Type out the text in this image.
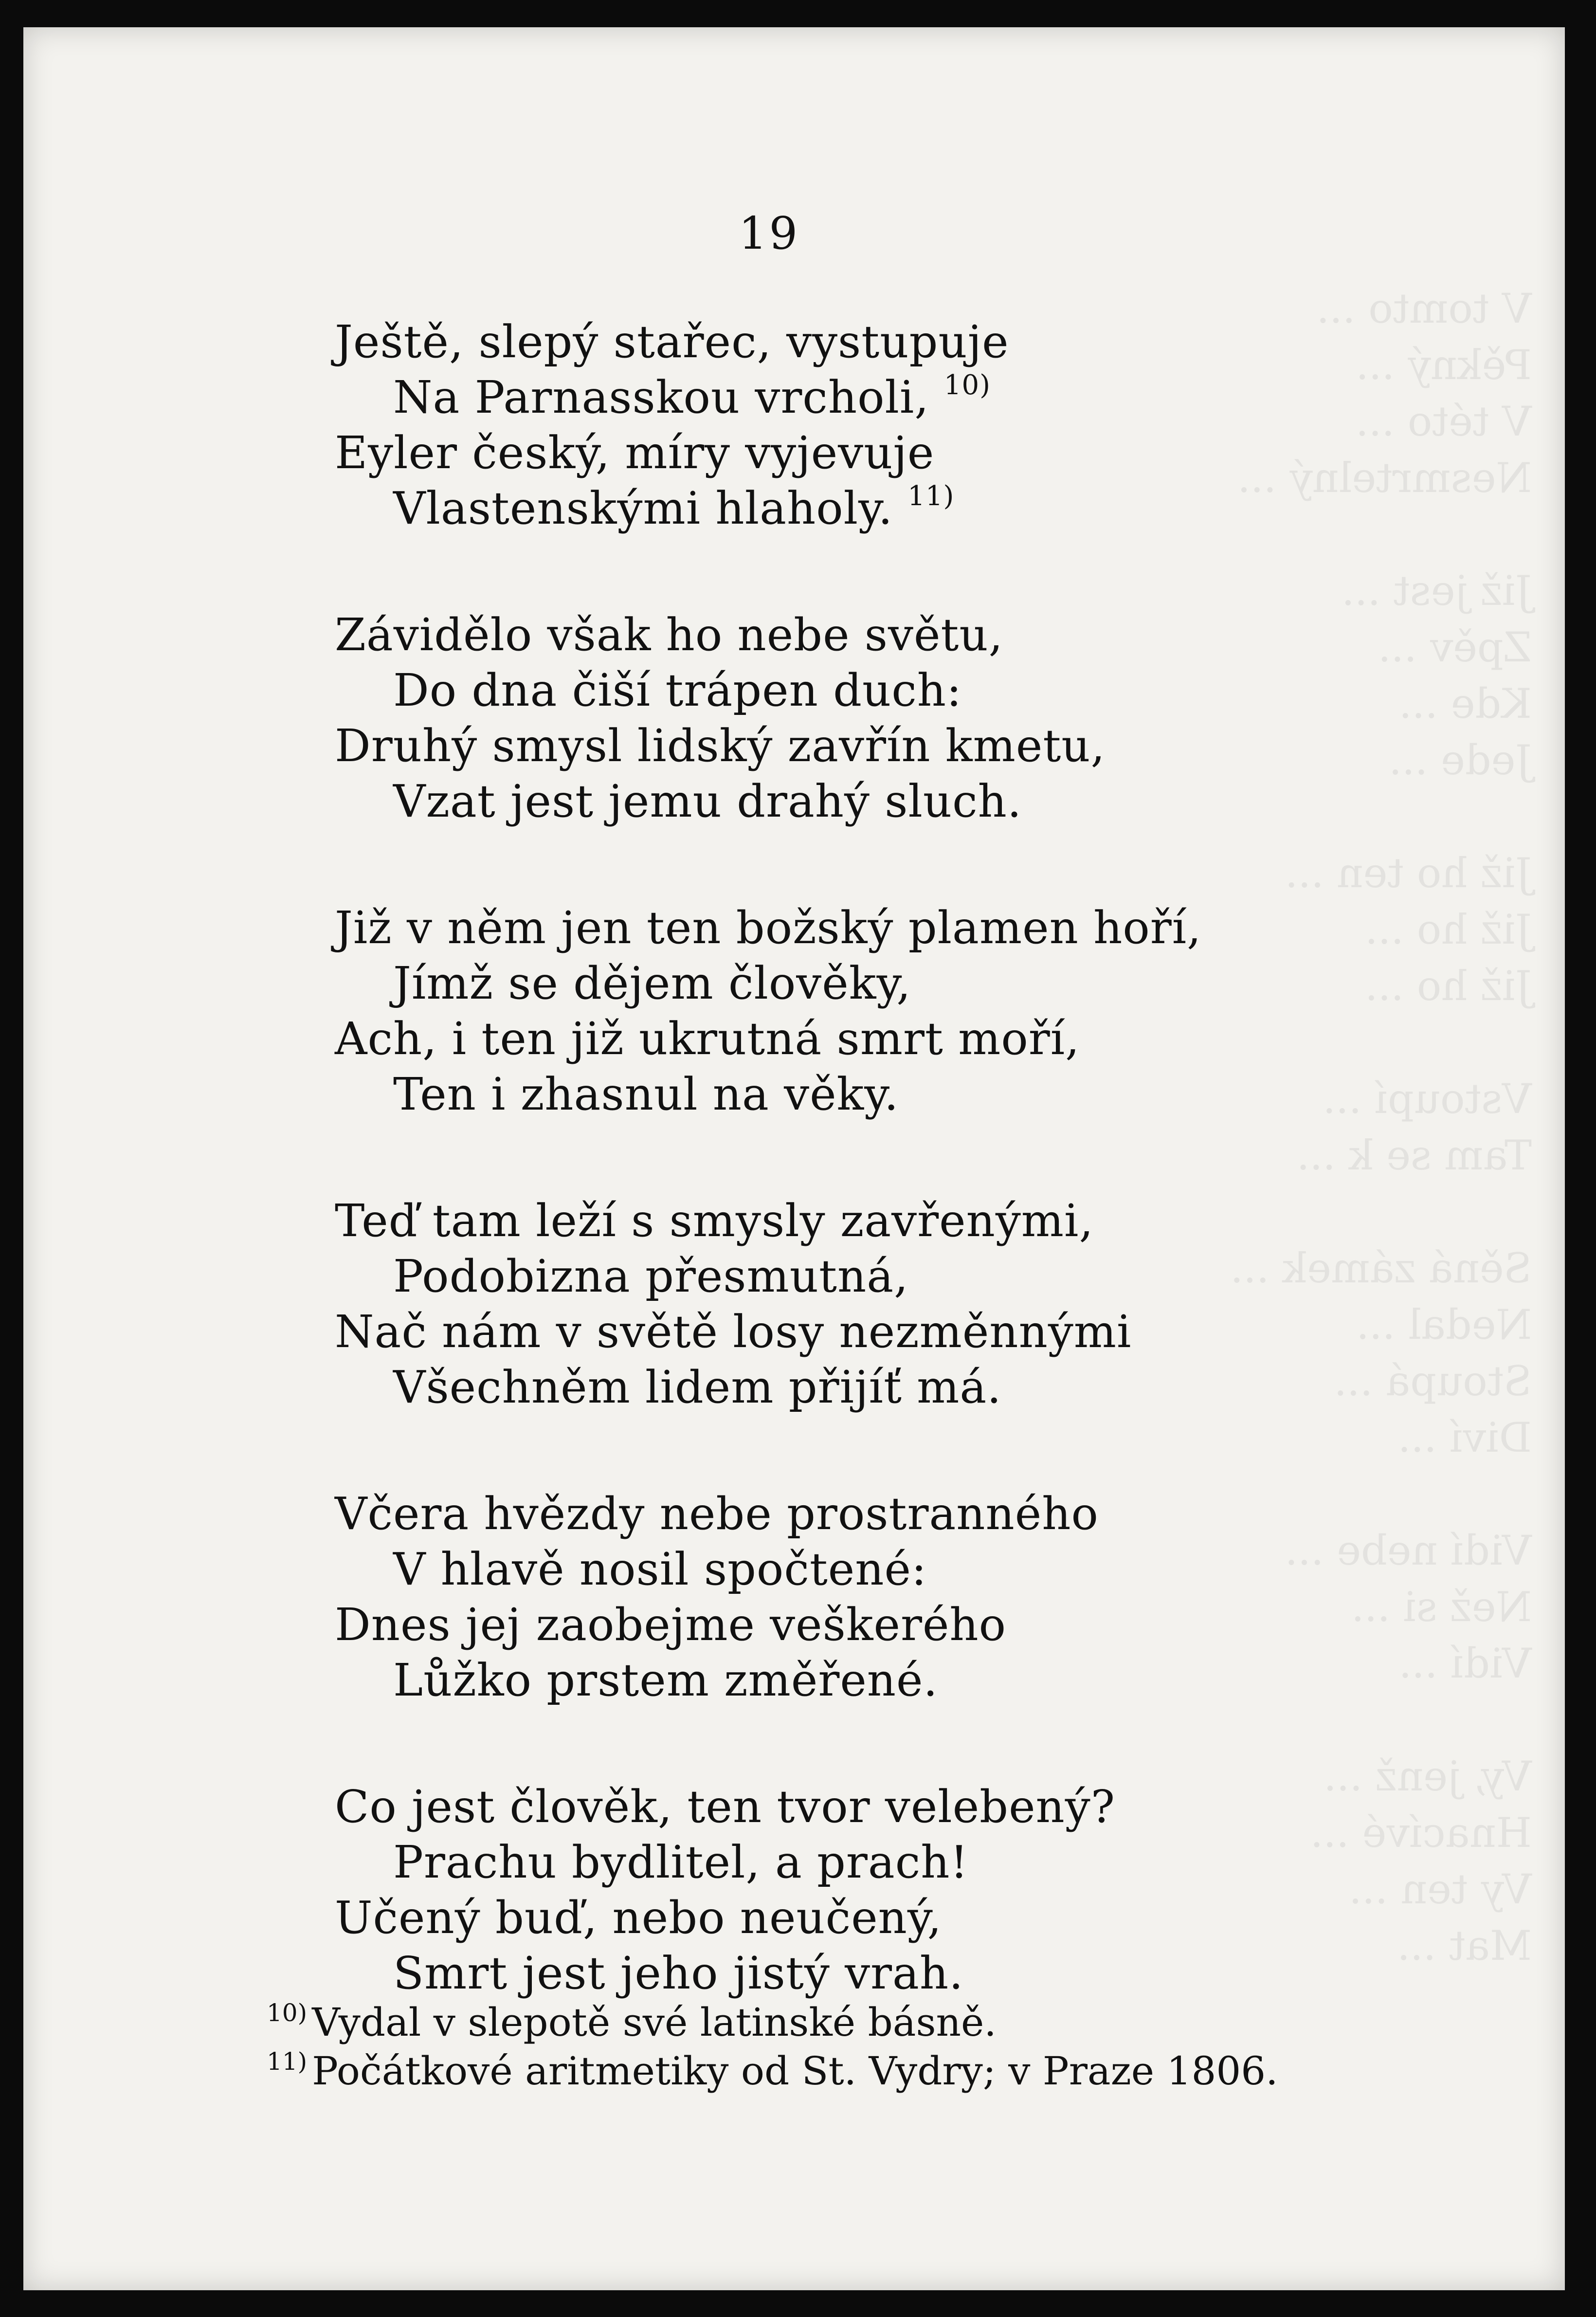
V tomto ...
Pěkný ...
V této ...
Nesmrtelný ...

Již jest ...
Zpěv ...
Kde ...
Jede ...

Již ho ten ...
Již ho ...
Již ho ...

Vstoupí ...
Tam se k ...

Sěná zámek ...
Nedal ...
Stoupá ...
Diví ...

Vidí nebe ...
Než si ...
Vidí ...

Vy, jenž ...
Hnacívé ...
Vy ten ...
Mat ...
19
Ještě, slepý stařec, vystupuje
Na Parnasskou vrcholi, $^{10)}$
Eyler český, míry vyjevuje
Vlastenskými hlaholy. $^{11)}$
Závidělo však ho nebe světu,
Do dna čiší trápen duch:
Druhý smysl lidský zavřín kmetu,
Vzat jest jemu drahý sluch.
Již v něm jen ten božský plamen hoří,
Jímž se dějem člověky,
Ach, i ten již ukrutná smrt moří,
Ten i zhasnul na věky.
Teď tam leží s smysly zavřenými,
Podobizna přesmutná,
Nač nám v světě losy nezměnnými
Všechněm lidem přijíť má.
Včera hvězdy nebe prostranného
V hlavě nosil spočtené:
Dnes jej zaobejme veškerého
Lůžko prstem změřené.
Co jest člověk, ten tvor velebený?
Prachu bydlitel, a prach!
Učený buď, nebo neučený,
Smrt jest jeho jistý vrah.
$^{10)}$ Vydal v slepotě své latinské básně.
$^{11)}$ Počátkové aritmetiky od St. Vydry; v Praze 1806.
